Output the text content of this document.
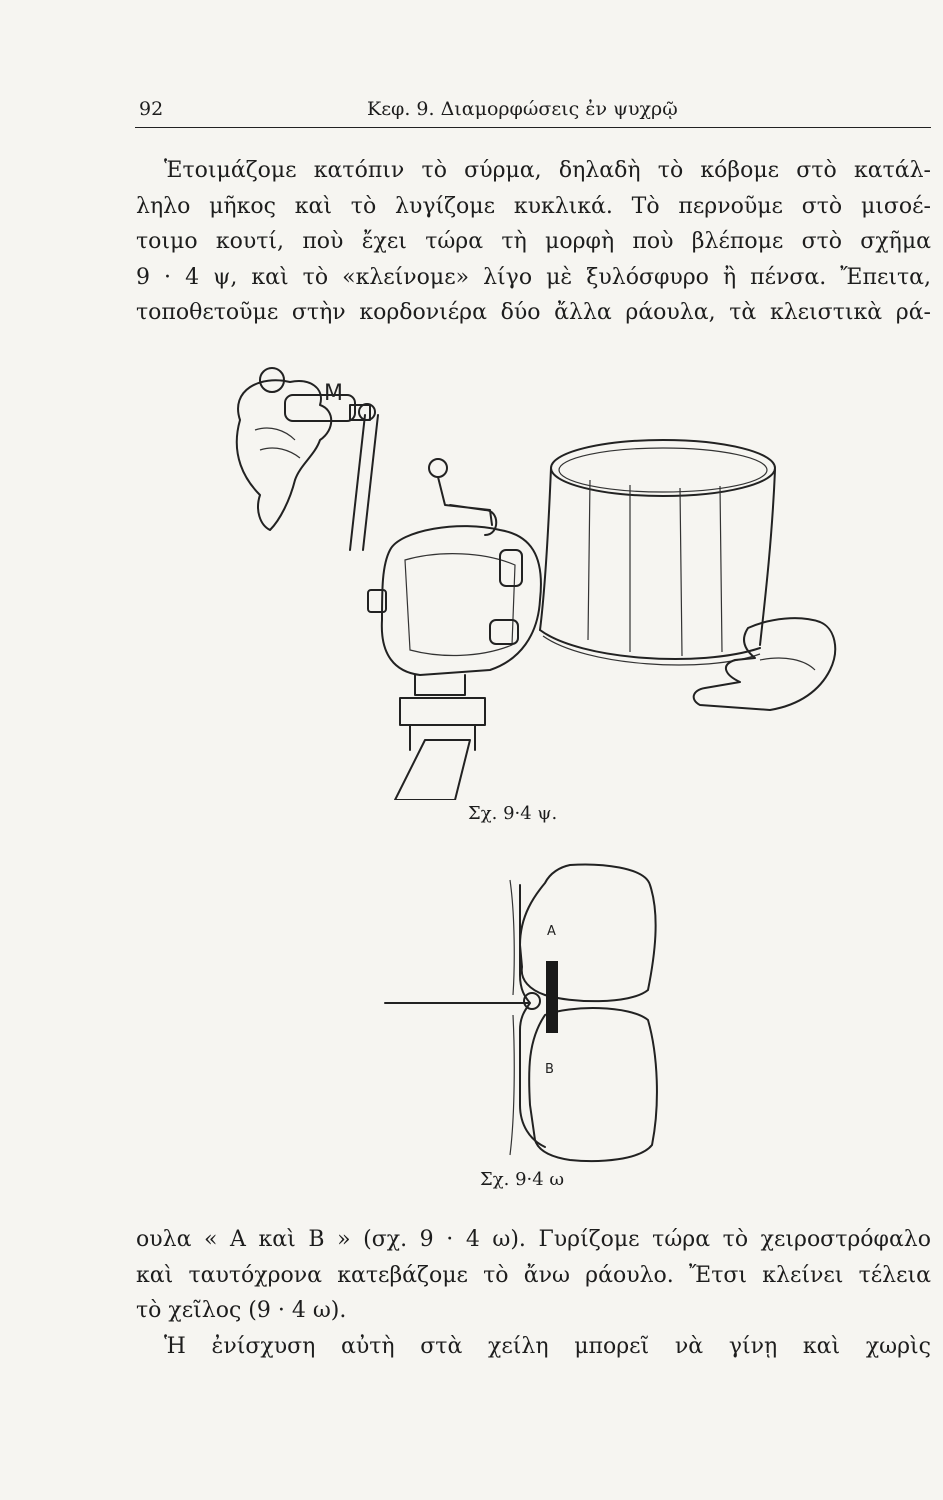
92	Κεφ. 9. Διαμορφώσεις ἐν ψυχρῷ
Ἑτοιμάζομε κατόπιν τὸ σύρμα, δηλαδὴ τὸ κόβομε στὸ κατάλ-
ληλο μῆκος καὶ τὸ λυγίζομε κυκλικά. Τὸ περνοῦμε στὸ μισοέ-
τοιμο κουτί, ποὺ ἔχει τώρα τὴ μορφὴ ποὺ βλέπομε στὸ σχῆμα
9 · 4 ψ, καὶ τὸ «κλείνομε» λίγο μὲ ξυλόσφυρο ἢ πένσα. Ἔπειτα,
τοποθετοῦμε στὴν κορδονιέρα δύο ἄλλα ράουλα, τὰ κλειστικὰ ρά-
M
Σχ. 9·4 ψ.
A
B
Σχ. 9·4 ω
ουλα « Α καὶ Β » (σχ. 9 · 4 ω). Γυρίζομε τώρα τὸ χειροστρόφαλο
καὶ ταυτόχρονα κατεβάζομε τὸ ἄνω ράουλο. Ἔτσι κλείνει τέλεια
τὸ χεῖλος (9 · 4 ω).
Ἡ ἐνίσχυση αὐτὴ στὰ χείλη μπορεῖ νὰ γίνῃ καὶ χωρὶς
